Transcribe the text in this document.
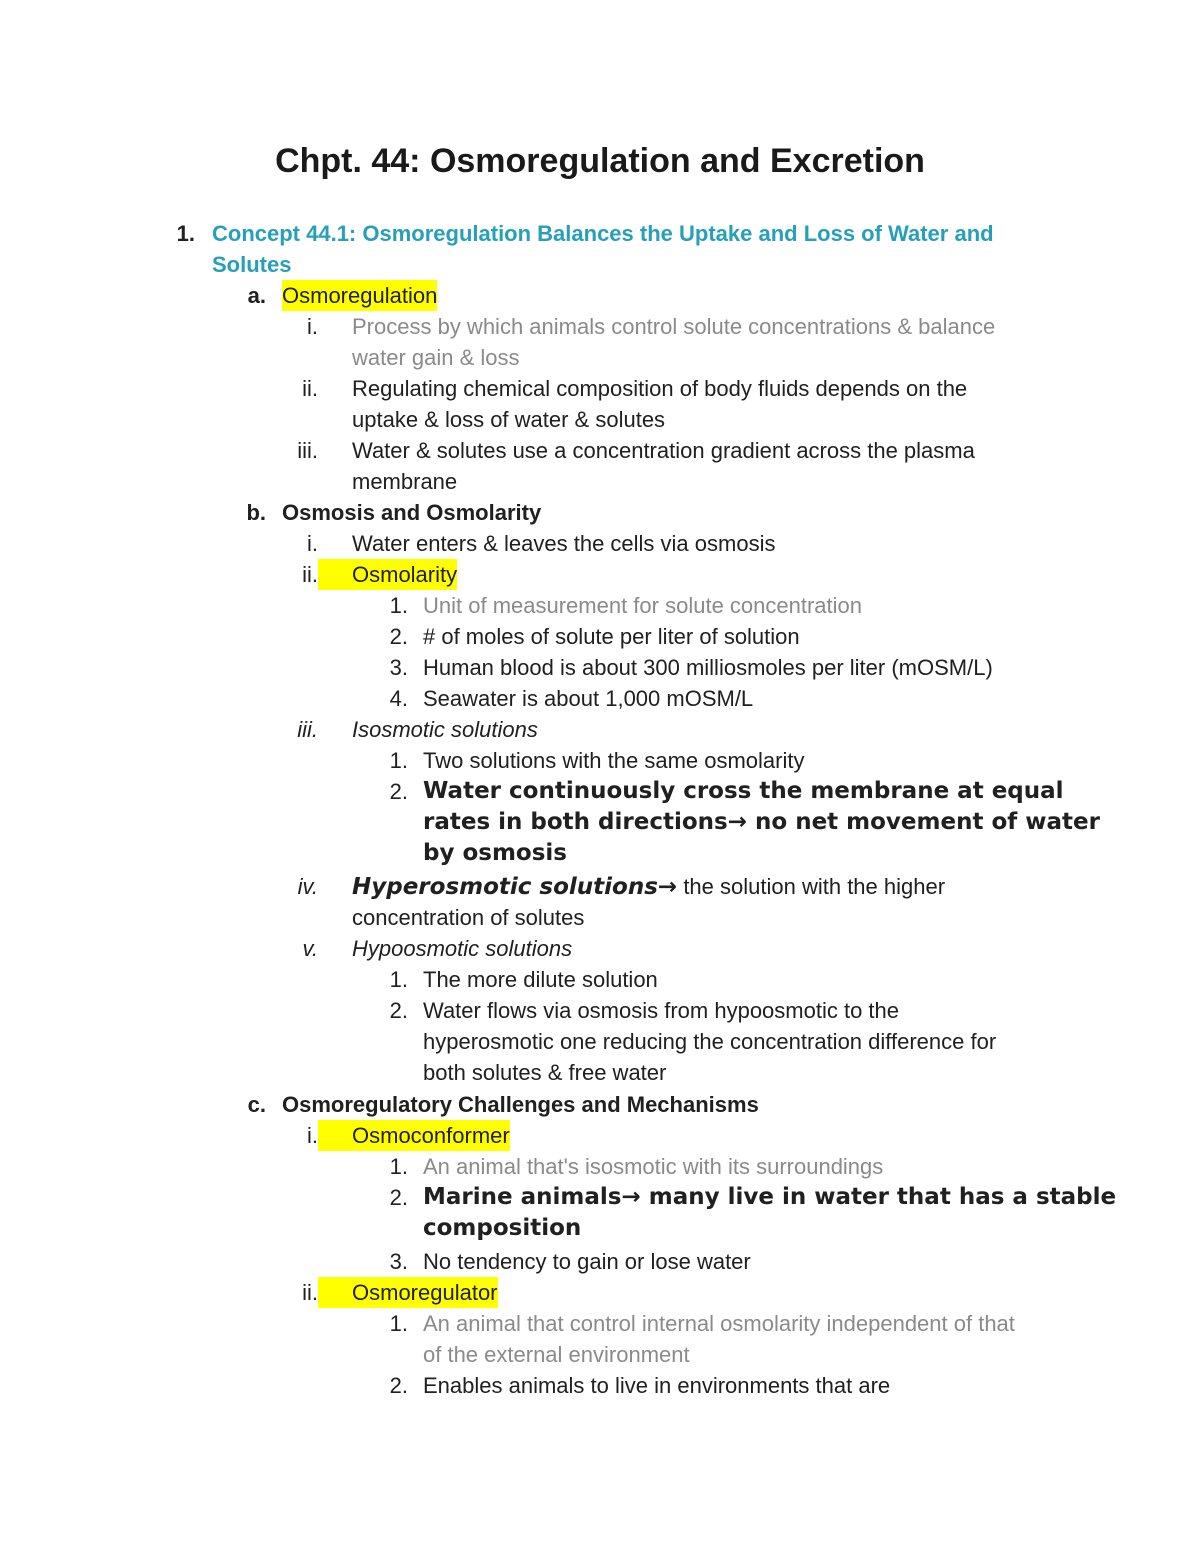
Chpt. 44: Osmoregulation and Excretion
1. Concept 44.1: Osmoregulation Balances the Uptake and Loss of Water and
Solutes
a. Osmoregulation
i. Process by which animals control solute concentrations & balance
water gain & loss
ii. Regulating chemical composition of body fluids depends on the
uptake & loss of water & solutes
iii. Water & solutes use a concentration gradient across the plasma
membrane
b. Osmosis and Osmolarity
i. Water enters & leaves the cells via osmosis
ii. Osmolarity
1. Unit of measurement for solute concentration
2. # of moles of solute per liter of solution
3. Human blood is about 300 milliosmoles per liter (mOSM/L)
4. Seawater is about 1,000 mOSM/L
iii. Isosmotic solutions
1. Two solutions with the same osmolarity
2. Water continuously cross the membrane at equal
rates in both directions→ no net movement of water
by osmosis
iv. Hyperosmotic solutions→ the solution with the higher
concentration of solutes
v. Hypoosmotic solutions
1. The more dilute solution
2. Water flows via osmosis from hypoosmotic to the
hyperosmotic one reducing the concentration difference for
both solutes & free water
c. Osmoregulatory Challenges and Mechanisms
i. Osmoconformer
1. An animal that's isosmotic with its surroundings
2. Marine animals→ many live in water that has a stable
composition
3. No tendency to gain or lose water
ii. Osmoregulator
1. An animal that control internal osmolarity independent of that
of the external environment
2. Enables animals to live in environments that are
